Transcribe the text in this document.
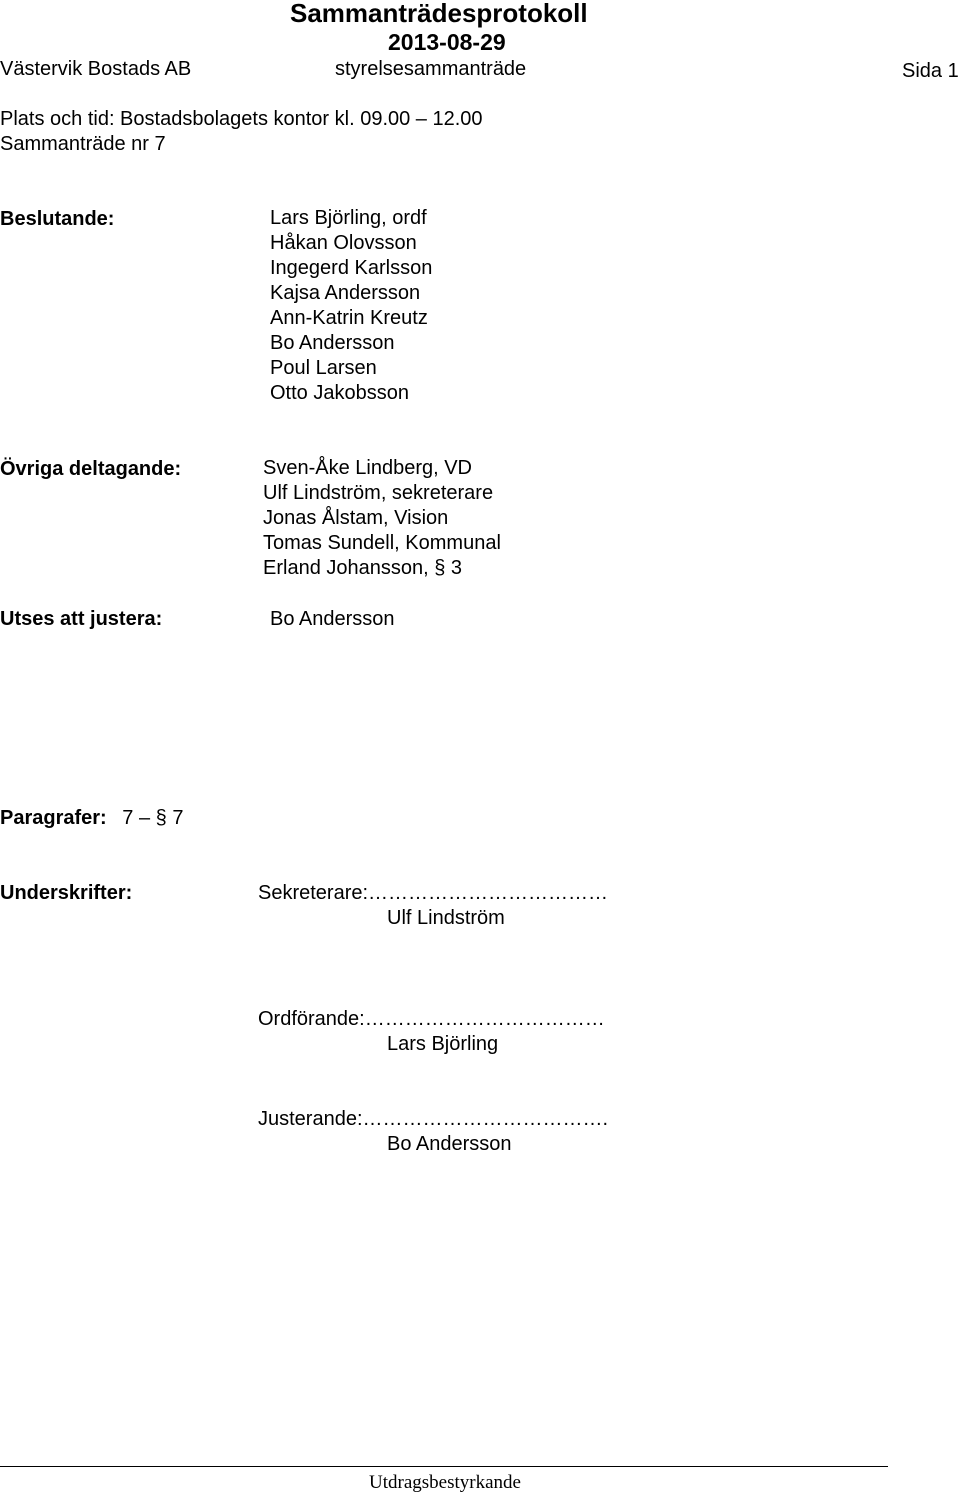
Sammanträdesprotokoll
2013-08-29
Västervik Bostads AB	styrelsesammanträde	Sida 1
Plats och tid: Bostadsbolagets kontor kl. 09.00 – 12.00
Sammanträde nr 7
Beslutande:	Lars Björling, ordf
Håkan Olovsson
Ingegerd Karlsson
Kajsa Andersson
Ann-Katrin Kreutz
Bo Andersson
Poul Larsen
Otto Jakobsson
Övriga deltagande:	Sven-Åke Lindberg, VD
Ulf Lindström, sekreterare
Jonas Ålstam, Vision
Tomas Sundell, Kommunal
Erland Johansson, § 3
Utses att justera:	Bo Andersson
Paragrafer: 7 – § 7
Underskrifter:	Sekreterare:………………………………
Ulf Lindström
Ordförande:………………………………
Lars Björling
Justerande:……………………………….
Bo Andersson
Utdragsbestyrkande
